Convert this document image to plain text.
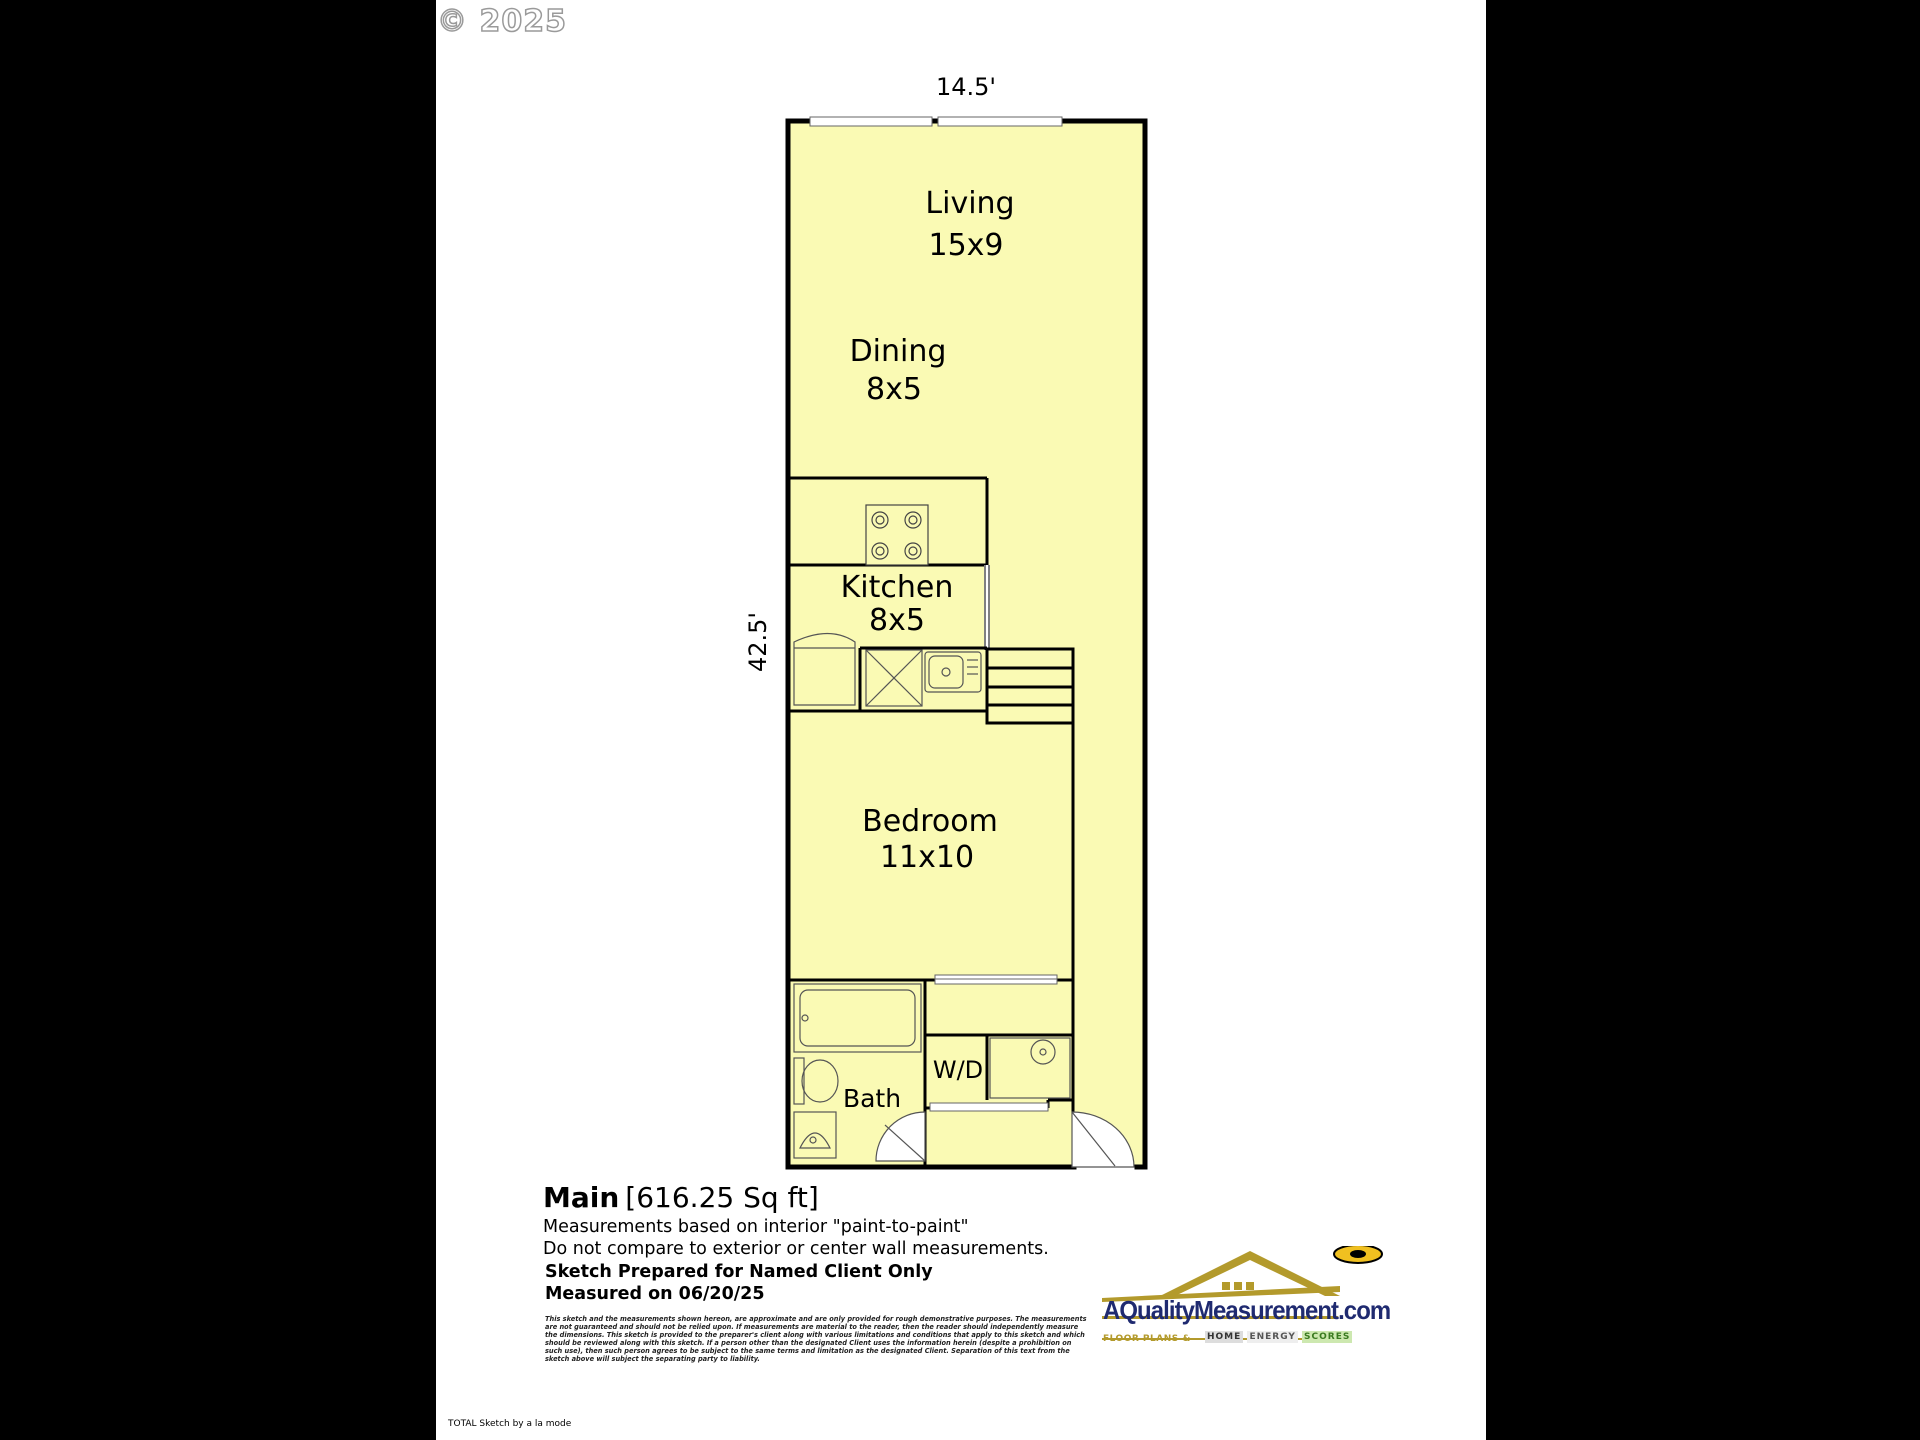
© 2025
14.5'
42.5'
Living
15x9
Dining
8x5
Kitchen
8x5
Bedroom
11x10
W/D
Bath
Main [616.25 Sq ft]
Measurements based on interior "paint-to-paint"
Do not compare to exterior or center wall measurements.
Sketch Prepared for Named Client Only
Measured on 06/20/25
This sketch and the measurements shown hereon, are approximate and are only provided for rough demonstrative purposes. The measurements are not guaranteed and should not be relied upon. If measurements are material to the reader, then the reader should independently measure the dimensions. This sketch is provided to the preparer's client along with various limitations and conditions that apply to this sketch and which should be reviewed along with this sketch. If a person other than the designated Client uses the information herein (despite a prohibition on such use), then such person agrees to be subject to the same terms and limitation as the designated Client. Separation of this text from the sketch above will subject the separating party to liability.
AQualityMeasurement.com
FLOOR PLANS & HOME ENERGY SCORES
TOTAL Sketch by a la mode
